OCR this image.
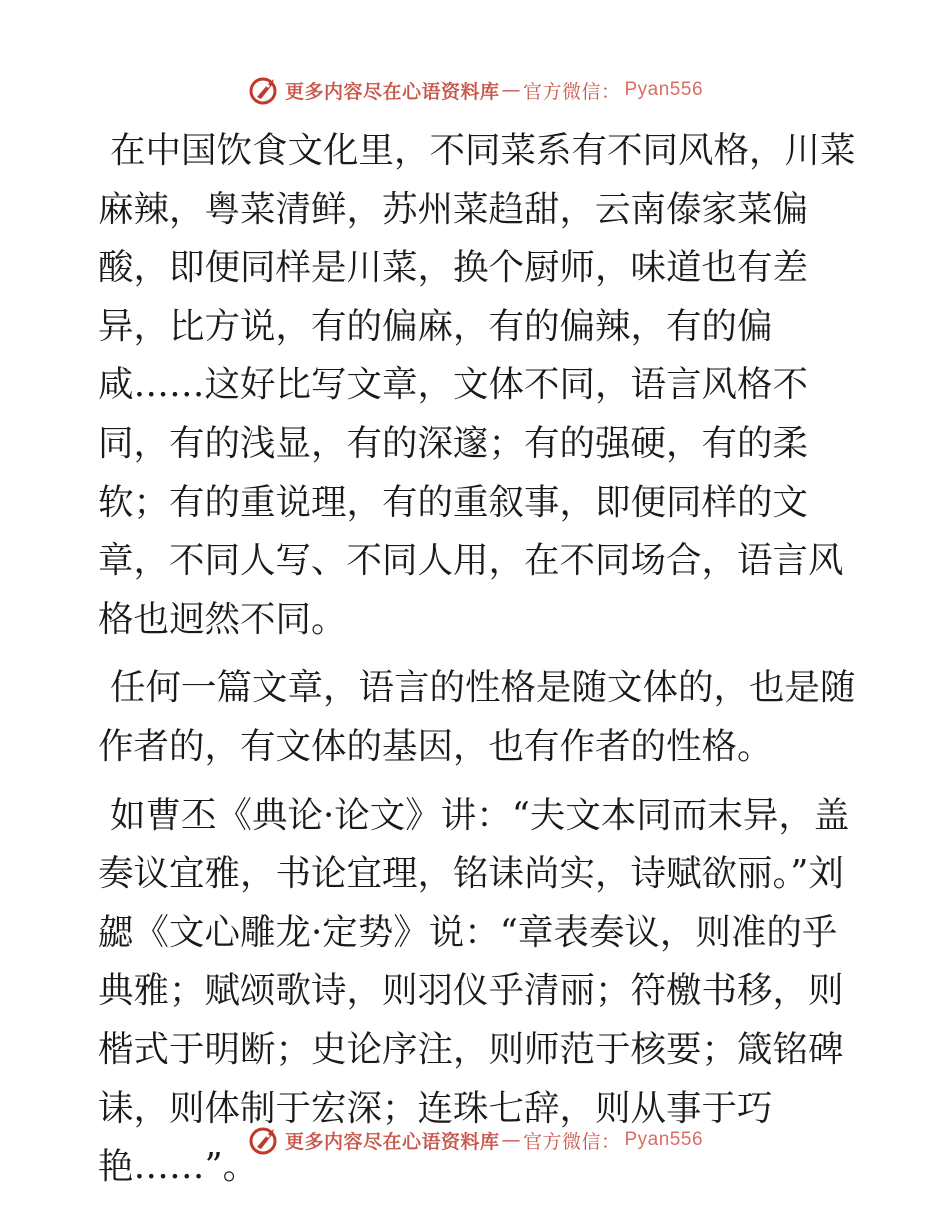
更多内容尽在心语资料库 — 官方微信： Pyan556

在中国饮食文化里，不同菜系有不同风格，川菜麻辣，粤菜清鲜，苏州菜趋甜，云南傣家菜偏酸，即便同样是川菜，换个厨师，味道也有差异，比方说，有的偏麻，有的偏辣，有的偏咸……这好比写文章，文体不同，语言风格不同，有的浅显，有的深邃；有的强硬，有的柔软；有的重说理，有的重叙事，即便同样的文章，不同人写、不同人用，在不同场合，语言风格也迥然不同。

任何一篇文章，语言的性格是随文体的，也是随作者的，有文体的基因，也有作者的性格。

如曹丕《典论·论文》讲：“夫文本同而末异，盖奏议宜雅，书论宜理，铭诔尚实，诗赋欲丽。”刘勰《文心雕龙·定势》说：“章表奏议，则准的乎典雅；赋颂歌诗，则羽仪乎清丽；符檄书移，则楷式于明断；史论序注，则师范于核要；箴铭碑诔，则体制于宏深；连珠七辞，则从事于巧艳……”。

更多内容尽在心语资料库 — 官方微信： Pyan556
